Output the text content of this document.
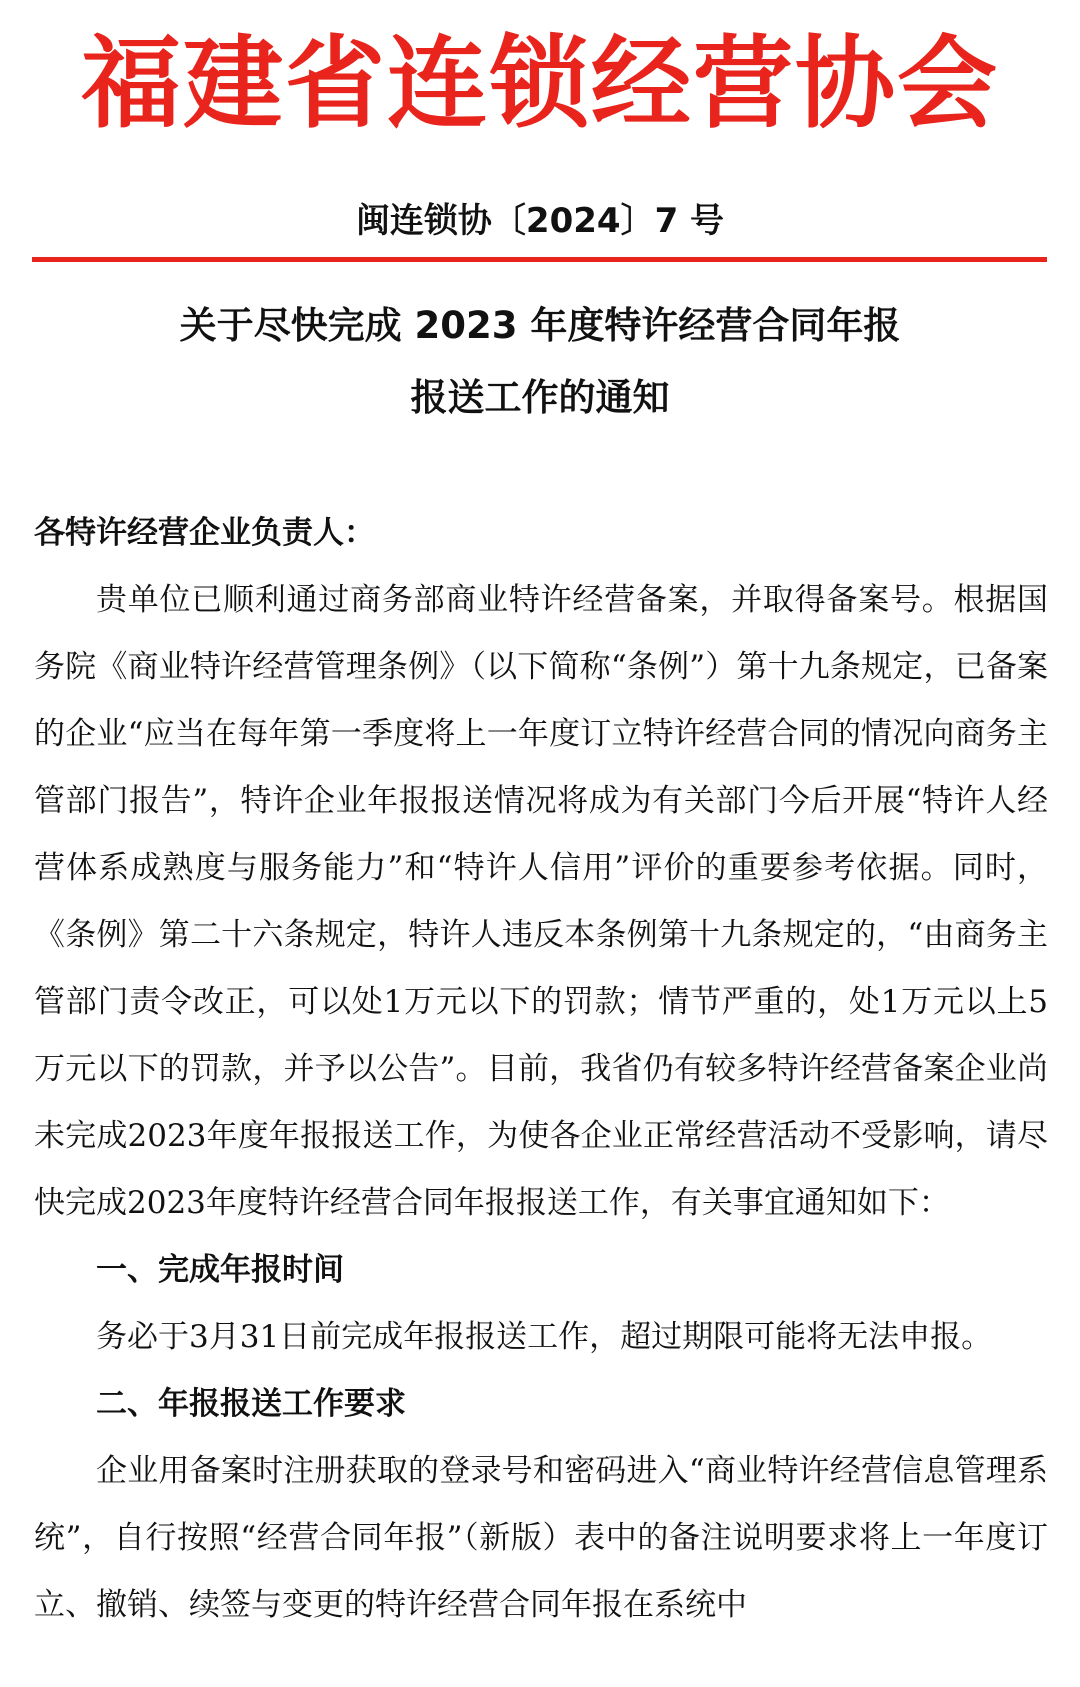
福建省连锁经营协会
闽连锁协〔2024〕7 号
关于尽快完成 2023 年度特许经营合同年报
报送工作的通知
各特许经营企业负责人：

贵单位已顺利通过商务部商业特许经营备案，并取得备案号。根据国务院《商业特许经营管理条例》（以下简称“条例”）第十九条规定，已备案的企业“应当在每年第一季度将上一年度订立特许经营合同的情况向商务主管部门报告”，特许企业年报报送情况将成为有关部门今后开展“特许人经营体系成熟度与服务能力”和“特许人信用”评价的重要参考依据。同时，《条例》第二十六条规定，特许人违反本条例第十九条规定的，“由商务主管部门责令改正，可以处1万元以下的罚款；情节严重的，处1万元以上5万元以下的罚款，并予以公告”。目前，我省仍有较多特许经营备案企业尚未完成2023年度年报报送工作，为使各企业正常经营活动不受影响，请尽快完成2023年度特许经营合同年报报送工作，有关事宜通知如下：

一、完成年报时间

务必于3月31日前完成年报报送工作，超过期限可能将无法申报。

二、年报报送工作要求

企业用备案时注册获取的登录号和密码进入“商业特许经营信息管理系统”，自行按照“经营合同年报”（新版）表中的备注说明要求将上一年度订立、撤销、续签与变更的特许经营合同年报在系统中
